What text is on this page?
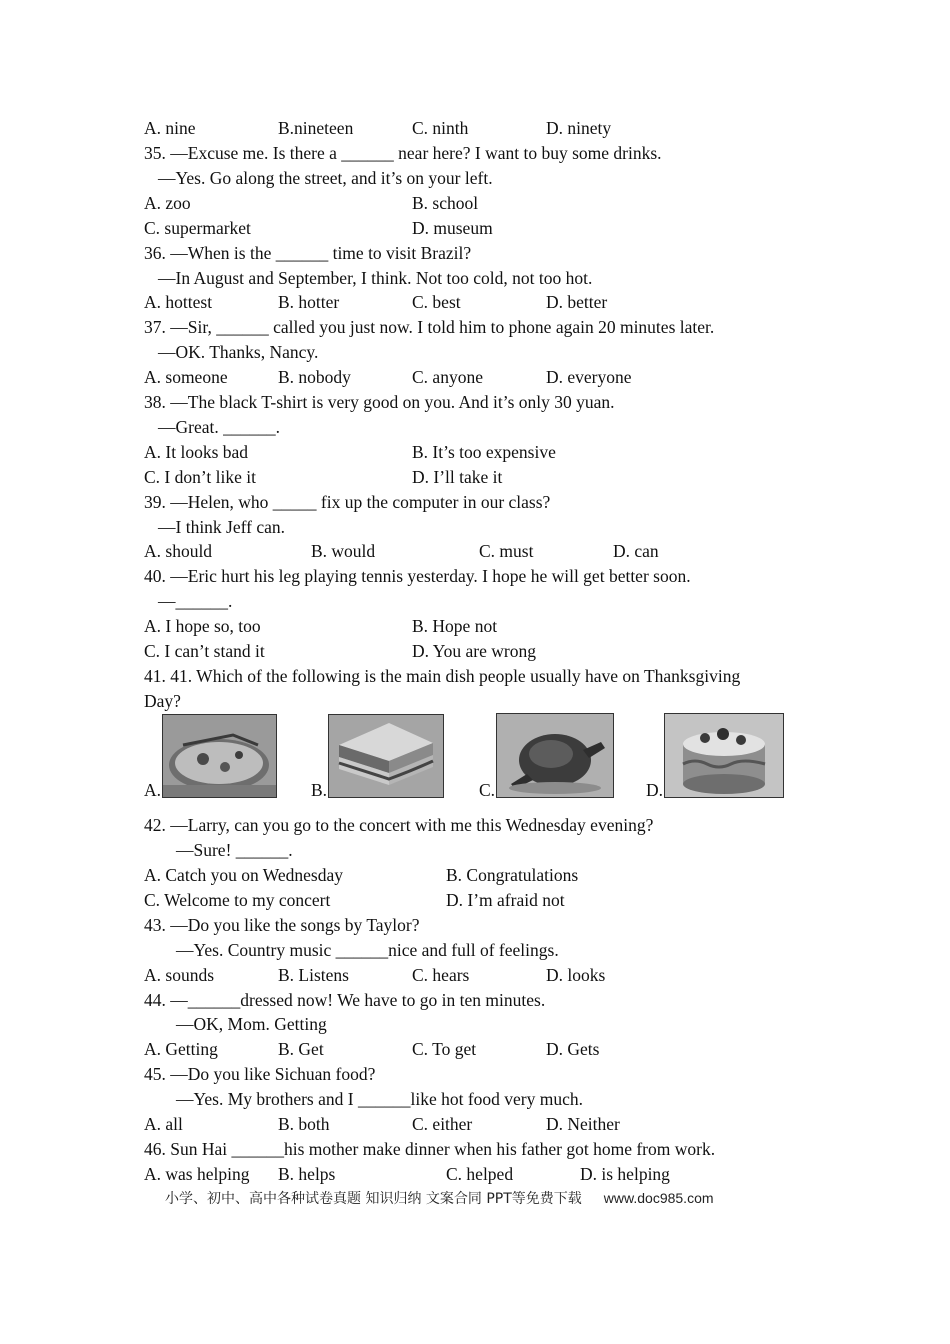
A. nine	B.nineteen	C. ninth	D. ninety
35. —Excuse me. Is there a ______ near here? I want to buy some drinks.
—Yes. Go along the street, and it’s on your left.
A. zoo	B. school
C. supermarket	D. museum
36. —When is the ______ time to visit Brazil?
—In August and September, I think. Not too cold, not too hot.
A. hottest	B. hotter	C. best	D. better
37. —Sir, ______ called you just now. I told him to phone again 20 minutes later.
—OK. Thanks, Nancy.
A. someone	B. nobody	C. anyone	D. everyone
38. —The black T-shirt is very good on you. And it’s only 30 yuan.
—Great. ______.
A. It looks bad	B. It’s too expensive
C. I don’t like it	D. I’ll take it
39. —Helen, who _____ fix up the computer in our class?
—I think Jeff can.
A. should	B. would	C. must	D. can
40. —Eric hurt his leg playing tennis yesterday. I hope he will get better soon.
—______.
A. I hope so, too	B. Hope not
C. I can’t stand it	D. You are wrong
41. 41. Which of the following is the main dish people usually have on Thanksgiving
Day?
A.	B.	C.	D.
42. —Larry, can you go to the concert with me this Wednesday evening?
—Sure! ______.
A. Catch you on Wednesday	B. Congratulations
C. Welcome to my concert	D. I’m afraid not
43. —Do you like the songs by Taylor?
—Yes. Country music ______nice and full of feelings.
A. sounds	B. Listens	C. hears	D. looks
44. —______dressed now! We have to go in ten minutes.
—OK, Mom. Getting
A. Getting	B. Get	C. To get	D. Gets
45. —Do you like Sichuan food?
—Yes. My brothers and I ______like hot food very much.
A. all	B. both	C. either	D. Neither
46. Sun Hai ______his mother make dinner when his father got home from work.
A. was helping B. helps	C. helped	D. is helping
小学、初中、高中各种试卷真题 知识归纳 文案合同 PPT等免费下载 www.doc985.com
